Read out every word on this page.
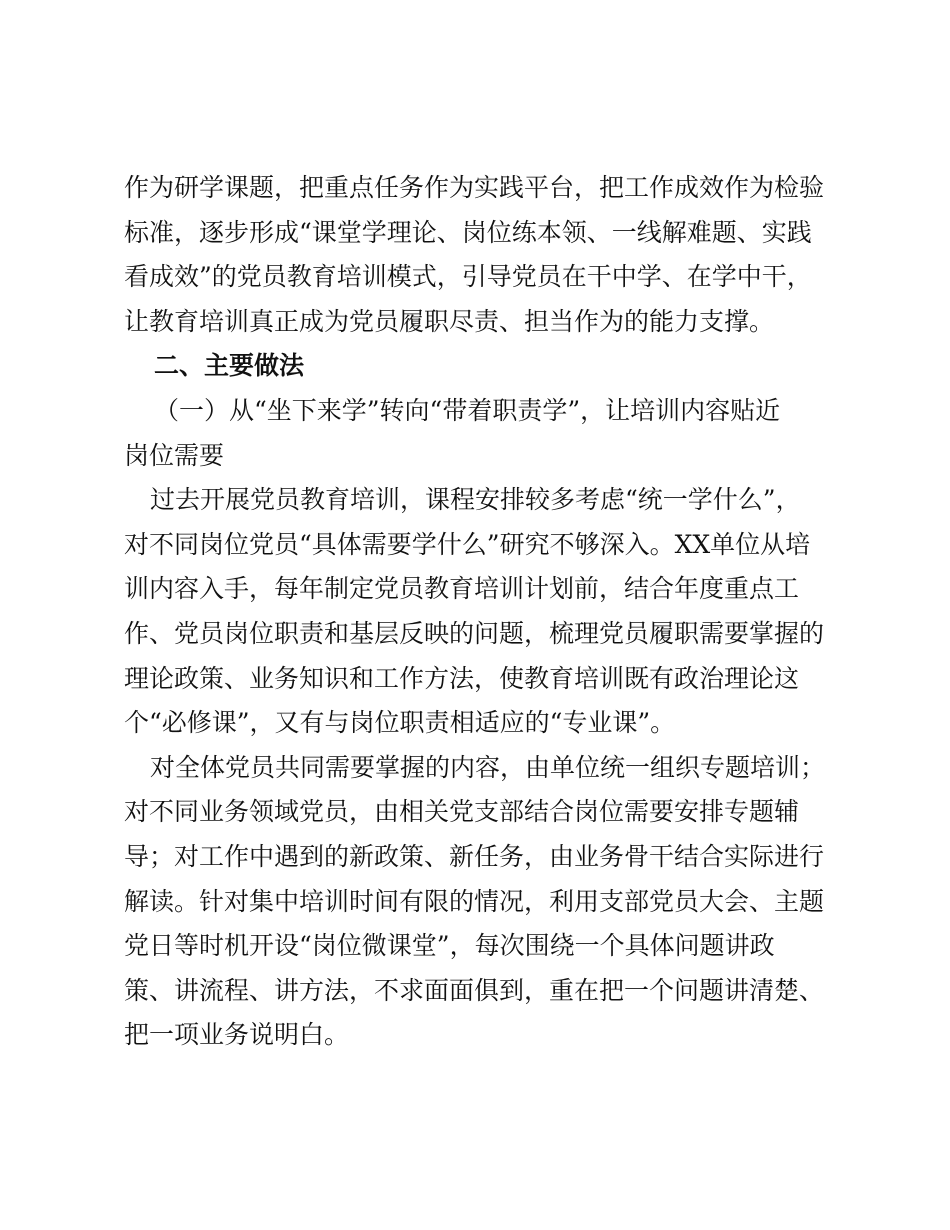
作为研学课题，把重点任务作为实践平台，把工作成效作为检验
标准，逐步形成“课堂学理论、岗位练本领、一线解难题、实践
看成效”的党员教育培训模式，引导党员在干中学、在学中干，
让教育培训真正成为党员履职尽责、担当作为的能力支撑。
二、主要做法
（一）从“坐下来学”转向“带着职责学”，让培训内容贴近
岗位需要
过去开展党员教育培训，课程安排较多考虑“统一学什么”，
对不同岗位党员“具体需要学什么”研究不够深入。XX单位从培
训内容入手，每年制定党员教育培训计划前，结合年度重点工
作、党员岗位职责和基层反映的问题，梳理党员履职需要掌握的
理论政策、业务知识和工作方法，使教育培训既有政治理论这
个“必修课”，又有与岗位职责相适应的“专业课”。
对全体党员共同需要掌握的内容，由单位统一组织专题培训；
对不同业务领域党员，由相关党支部结合岗位需要安排专题辅
导；对工作中遇到的新政策、新任务，由业务骨干结合实际进行
解读。针对集中培训时间有限的情况，利用支部党员大会、主题
党日等时机开设“岗位微课堂”，每次围绕一个具体问题讲政
策、讲流程、讲方法，不求面面俱到，重在把一个问题讲清楚、
把一项业务说明白。
